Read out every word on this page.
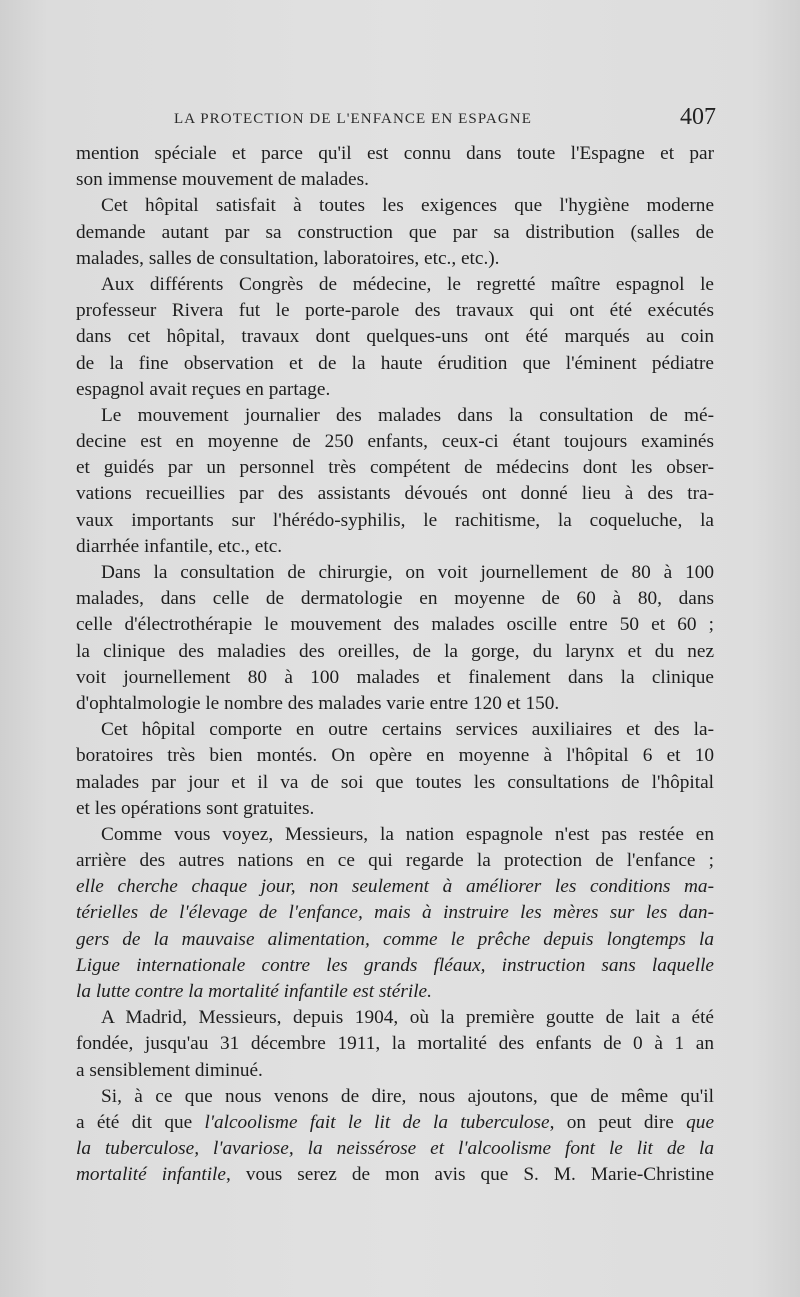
LA PROTECTION DE L'ENFANCE EN ESPAGNE	407
mention spéciale et parce qu'il est connu dans toute l'Espagne et par
son immense mouvement de malades.
Cet hôpital satisfait à toutes les exigences que l'hygiène moderne
demande autant par sa construction que par sa distribution (salles de
malades, salles de consultation, laboratoires, etc., etc.).
Aux différents Congrès de médecine, le regretté maître espagnol le
professeur Rivera fut le porte-parole des travaux qui ont été exécutés
dans cet hôpital, travaux dont quelques-uns ont été marqués au coin
de la fine observation et de la haute érudition que l'éminent pédiatre
espagnol avait reçues en partage.
Le mouvement journalier des malades dans la consultation de mé-
decine est en moyenne de 250 enfants, ceux-ci étant toujours examinés
et guidés par un personnel très compétent de médecins dont les obser-
vations recueillies par des assistants dévoués ont donné lieu à des tra-
vaux importants sur l'hérédo-syphilis, le rachitisme, la coqueluche, la
diarrhée infantile, etc., etc.
Dans la consultation de chirurgie, on voit journellement de 80 à 100
malades, dans celle de dermatologie en moyenne de 60 à 80, dans
celle d'électrothérapie le mouvement des malades oscille entre 50 et 60 ;
la clinique des maladies des oreilles, de la gorge, du larynx et du nez
voit journellement 80 à 100 malades et finalement dans la clinique
d'ophtalmologie le nombre des malades varie entre 120 et 150.
Cet hôpital comporte en outre certains services auxiliaires et des la-
boratoires très bien montés. On opère en moyenne à l'hôpital 6 et 10
malades par jour et il va de soi que toutes les consultations de l'hôpital
et les opérations sont gratuites.
Comme vous voyez, Messieurs, la nation espagnole n'est pas restée en
arrière des autres nations en ce qui regarde la protection de l'enfance ;
elle cherche chaque jour, non seulement à améliorer les conditions ma-
térielles de l'élevage de l'enfance, mais à instruire les mères sur les dan-
gers de la mauvaise alimentation, comme le prêche depuis longtemps la
Ligue internationale contre les grands fléaux, instruction sans laquelle
la lutte contre la mortalité infantile est stérile.
A Madrid, Messieurs, depuis 1904, où la première goutte de lait a été
fondée, jusqu'au 31 décembre 1911, la mortalité des enfants de 0 à 1 an
a sensiblement diminué.
Si, à ce que nous venons de dire, nous ajoutons, que de même qu'il
a été dit que l'alcoolisme fait le lit de la tuberculose, on peut dire que
la tuberculose, l'avariose, la neissérose et l'alcoolisme font le lit de la
mortalité infantile, vous serez de mon avis que S. M. Marie-Christine
